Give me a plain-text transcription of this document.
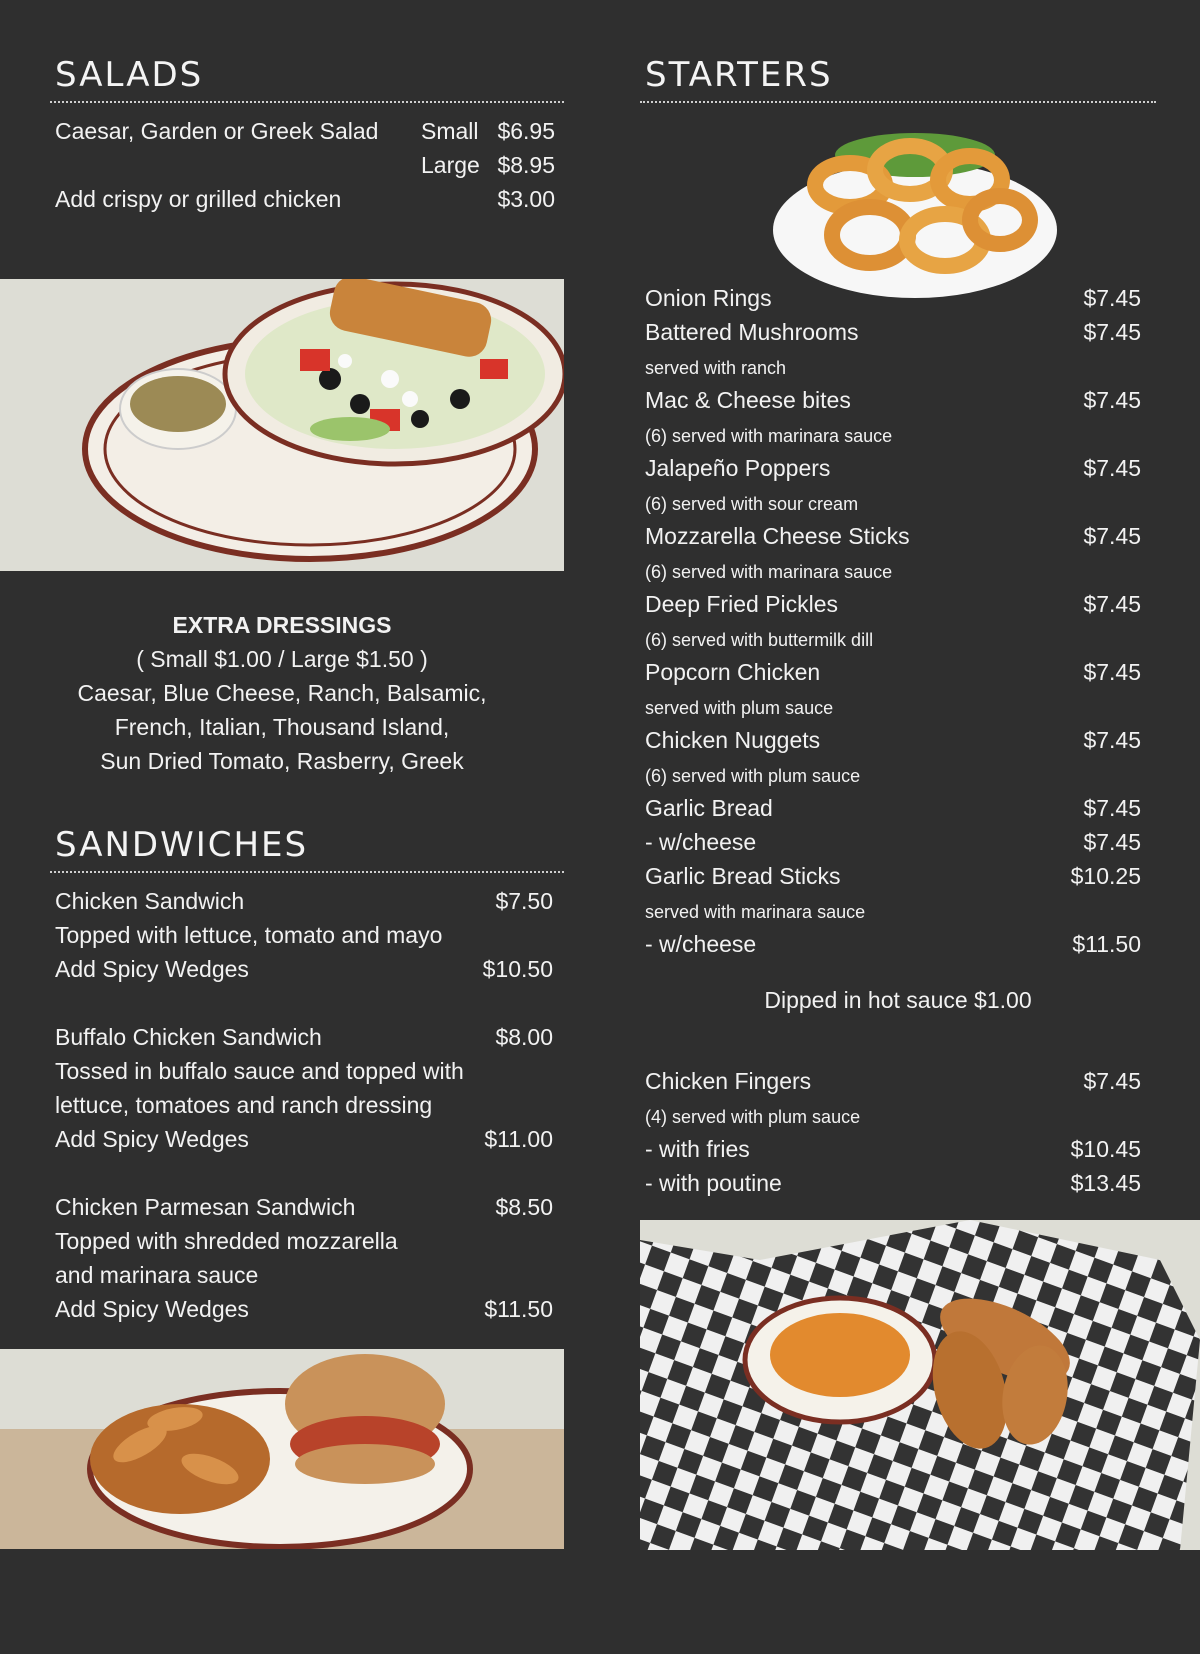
SALADS
Caesar, Garden or Greek Salad Small $6.95
Large $8.95
Add crispy or grilled chicken	$3.00
EXTRA DRESSINGS
( Small $1.00 / Large $1.50 )
Caesar, Blue Cheese, Ranch, Balsamic,
French, Italian, Thousand Island,
Sun Dried Tomato, Rasberry, Greek
SANDWICHES
Chicken Sandwich	$7.50
Topped with lettuce, tomato and mayo
Add Spicy Wedges	$10.50
Buffalo Chicken Sandwich	$8.00
Tossed in buffalo sauce and topped with
lettuce, tomatoes and ranch dressing
Add Spicy Wedges	$11.00
Chicken Parmesan Sandwich	$8.50
Topped with shredded mozzarella
and marinara sauce
Add Spicy Wedges	$11.50
STARTERS
Onion Rings	$7.45
Battered Mushrooms	$7.45
served with ranch
Mac & Cheese bites	$7.45
(6) served with marinara sauce
Jalapeño Poppers	$7.45
(6) served with sour cream
Mozzarella Cheese Sticks	$7.45
(6) served with marinara sauce
Deep Fried Pickles	$7.45
(6) served with buttermilk dill
Popcorn Chicken	$7.45
served with plum sauce
Chicken Nuggets	$7.45
(6) served with plum sauce
Garlic Bread	$7.45
- w/cheese	$7.45
Garlic Bread Sticks	$10.25
served with marinara sauce
- w/cheese	$11.50
Dipped in hot sauce $1.00
Chicken Fingers	$7.45
(4) served with plum sauce
- with fries	$10.45
- with poutine	$13.45
